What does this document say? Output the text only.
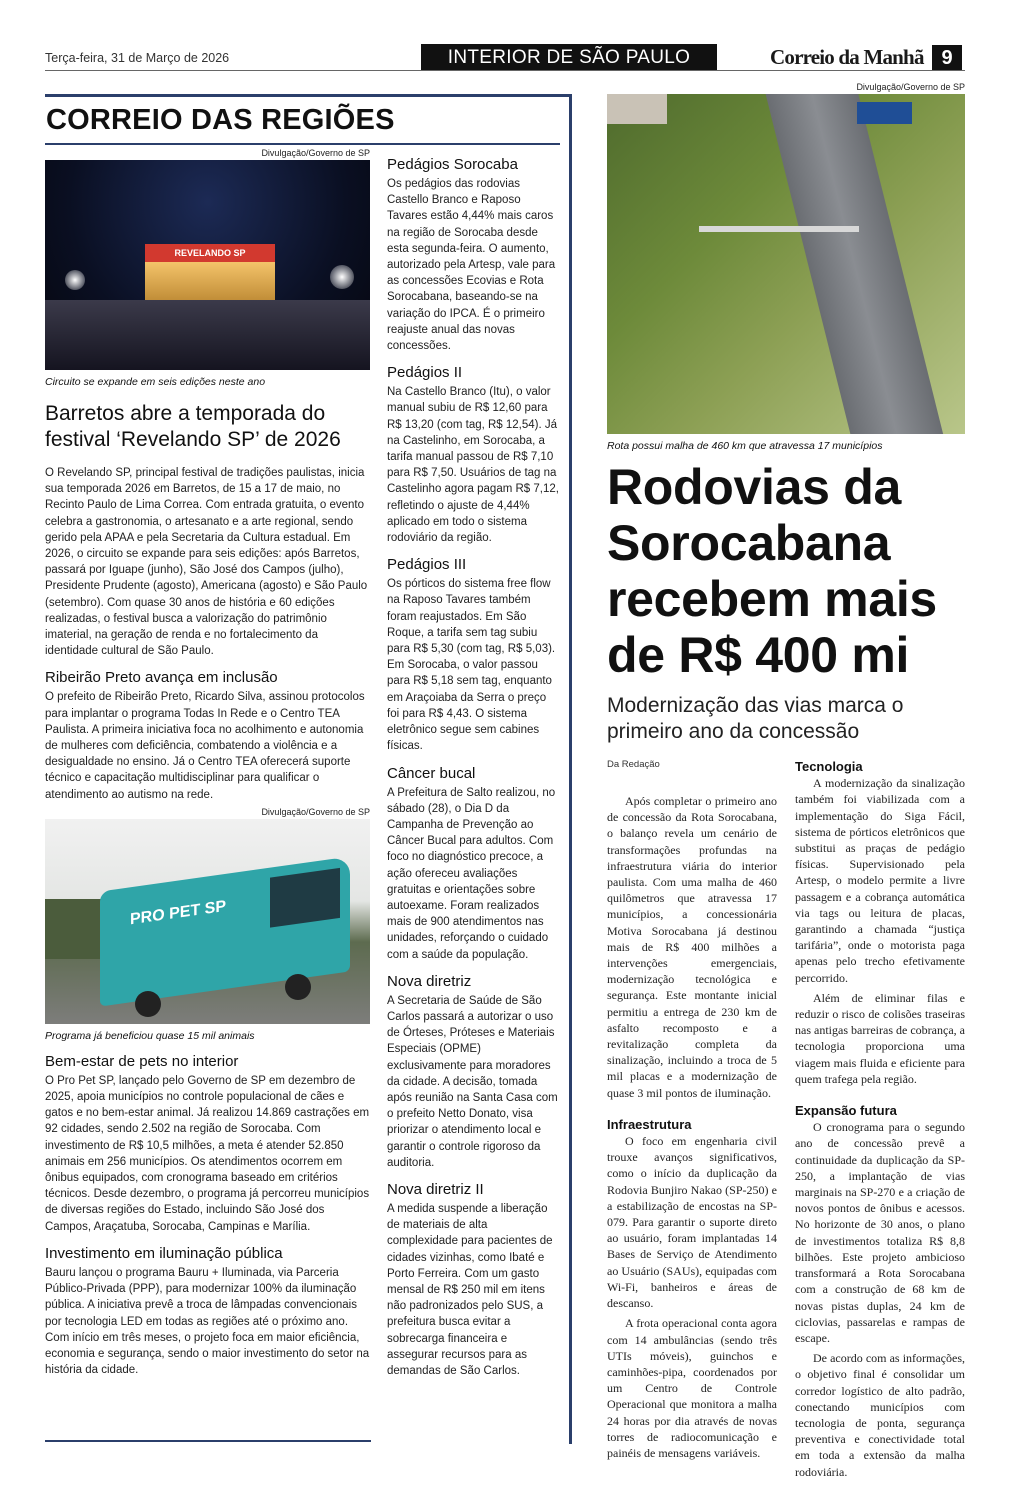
Terça-feira, 31 de Março de 2026	INTERIOR DE SÃO PAULO	Correio da Manhã 9
CORREIO DAS REGIÕES
Divulgação/Governo de SP
REVELANDO SP
Circuito se expande em seis edições neste ano
Barretos abre a temporada do festival ‘Revelando SP’ de 2026

O Revelando SP, principal festival de tradições paulistas, inicia sua temporada 2026 em Barretos, de 15 a 17 de maio, no Recinto Paulo de Lima Correa. Com entrada gratuita, o evento celebra a gastronomia, o artesanato e a arte regional, sendo gerido pela APAA e pela Secretaria da Cultura estadual. Em 2026, o circuito se expande para seis edições: após Barretos, passará por Iguape (junho), São José dos Campos (julho), Presidente Prudente (agosto), Americana (agosto) e São Paulo (setembro). Com quase 30 anos de história e 60 edições realizadas, o festival busca a valorização do patrimônio imaterial, na geração de renda e no fortalecimento da identidade cultural de São Paulo.

Ribeirão Preto avança em inclusão

O prefeito de Ribeirão Preto, Ricardo Silva, assinou protocolos para implantar o programa Todas In Rede e o Centro TEA Paulista. A primeira iniciativa foca no acolhimento e autonomia de mulheres com deficiência, combatendo a violência e a desigualdade no ensino. Já o Centro TEA oferecerá suporte técnico e capacitação multidisciplinar para qualificar o atendimento ao autismo na rede.

Divulgação/Governo de SP
PRO PET SP
Programa já beneficiou quase 15 mil animais
Bem-estar de pets no interior

O Pro Pet SP, lançado pelo Governo de SP em dezembro de 2025, apoia municípios no controle populacional de cães e gatos e no bem-estar animal. Já realizou 14.869 castrações em 92 cidades, sendo 2.502 na região de Sorocaba. Com investimento de R$ 10,5 milhões, a meta é atender 52.850 animais em 256 municípios. Os atendimentos ocorrem em ônibus equipados, com cronograma baseado em critérios técnicos. Desde dezembro, o programa já percorreu municípios de diversas regiões do Estado, incluindo São José dos Campos, Araçatuba, Sorocaba, Campinas e Marília.

Investimento em iluminação pública

Bauru lançou o programa Bauru + Iluminada, via Parceria Público-Privada (PPP), para modernizar 100% da iluminação pública. A iniciativa prevê a troca de lâmpadas convencionais por tecnologia LED em todas as regiões até o próximo ano. Com início em três meses, o projeto foca em maior eficiência, economia e segurança, sendo o maior investimento do setor na história da cidade.

Pedágios Sorocaba

Os pedágios das rodovias Castello Branco e Raposo Tavares estão 4,44% mais caros na região de Sorocaba desde esta segunda-feira. O aumento, autorizado pela Artesp, vale para as concessões Ecovias e Rota Sorocabana, baseando-se na variação do IPCA. É o primeiro reajuste anual das novas concessões.

Pedágios II

Na Castello Branco (Itu), o valor manual subiu de R$ 12,60 para R$ 13,20 (com tag, R$ 12,54). Já na Castelinho, em Sorocaba, a tarifa manual passou de R$ 7,10 para R$ 7,50. Usuários de tag na Castelinho agora pagam R$ 7,12, refletindo o ajuste de 4,44% aplicado em todo o sistema rodoviário da região.

Pedágios III

Os pórticos do sistema free flow na Raposo Tavares também foram reajustados. Em São Roque, a tarifa sem tag subiu para R$ 5,30 (com tag, R$ 5,03). Em Sorocaba, o valor passou para R$ 5,18 sem tag, enquanto em Araçoiaba da Serra o preço foi para R$ 4,43. O sistema eletrônico segue sem cabines físicas.

Câncer bucal

A Prefeitura de Salto realizou, no sábado (28), o Dia D da Campanha de Prevenção ao Câncer Bucal para adultos. Com foco no diagnóstico precoce, a ação ofereceu avaliações gratuitas e orientações sobre autoexame. Foram realizados mais de 900 atendimentos nas unidades, reforçando o cuidado com a saúde da população.

Nova diretriz

A Secretaria de Saúde de São Carlos passará a autorizar o uso de Órteses, Próteses e Materiais Especiais (OPME) exclusivamente para moradores da cidade. A decisão, tomada após reunião na Santa Casa com o prefeito Netto Donato, visa priorizar o atendimento local e garantir o controle rigoroso da auditoria.

Nova diretriz II

A medida suspende a liberação de materiais de alta complexidade para pacientes de cidades vizinhas, como Ibaté e Porto Ferreira. Com um gasto mensal de R$ 250 mil em itens não padronizados pelo SUS, a prefeitura busca evitar a sobrecarga financeira e assegurar recursos para as demandas de São Carlos.

Divulgação/Governo de SP
Rota possui malha de 460 km que atravessa 17 municípios
Rodovias da Sorocabana recebem mais de R$ 400 mi
Modernização das vias marca o primeiro ano da concessão
Da Redação

Após completar o primeiro ano de concessão da Rota Sorocabana, o balanço revela um cenário de transformações profundas na infraestrutura viária do interior paulista. Com uma malha de 460 quilômetros que atravessa 17 municípios, a concessionária Motiva Sorocabana já destinou mais de R$ 400 milhões a intervenções emergenciais, modernização tecnológica e segurança. Este montante inicial permitiu a entrega de 230 km de asfalto recomposto e a revitalização completa da sinalização, incluindo a troca de 5 mil placas e a modernização de quase 3 mil pontos de iluminação.

Infraestrutura

O foco em engenharia civil trouxe avanços significativos, como o início da duplicação da Rodovia Bunjiro Nakao (SP-250) e a estabilização de encostas na SP-079. Para garantir o suporte direto ao usuário, foram implantadas 14 Bases de Serviço de Atendimento ao Usuário (SAUs), equipadas com Wi-Fi, banheiros e áreas de descanso.

A frota operacional conta agora com 14 ambulâncias (sendo três UTIs móveis), guinchos e caminhões-pipa, coordenados por um Centro de Controle Operacional que monitora a malha 24 horas por dia através de novas torres de radiocomunicação e painéis de mensagens variáveis.

Tecnologia

A modernização da sinalização também foi viabilizada com a implementação do Siga Fácil, sistema de pórticos eletrônicos que substitui as praças de pedágio físicas. Supervisionado pela Artesp, o modelo permite a livre passagem e a cobrança automática via tags ou leitura de placas, garantindo a chamada “justiça tarifária”, onde o motorista paga apenas pelo trecho efetivamente percorrido.

Além de eliminar filas e reduzir o risco de colisões traseiras nas antigas barreiras de cobrança, a tecnologia proporciona uma viagem mais fluida e eficiente para quem trafega pela região.

Expansão futura

O cronograma para o segundo ano de concessão prevê a continuidade da duplicação da SP-250, a implantação de vias marginais na SP-270 e a criação de novos pontos de ônibus e acessos. No horizonte de 30 anos, o plano de investimentos totaliza R$ 8,8 bilhões. Este projeto ambicioso transformará a Rota Sorocabana com a construção de 68 km de novas pistas duplas, 24 km de ciclovias, passarelas e rampas de escape.

De acordo com as informações, o objetivo final é consolidar um corredor logístico de alto padrão, conectando municípios com tecnologia de ponta, segurança preventiva e conectividade total em toda a extensão da malha rodoviária.
